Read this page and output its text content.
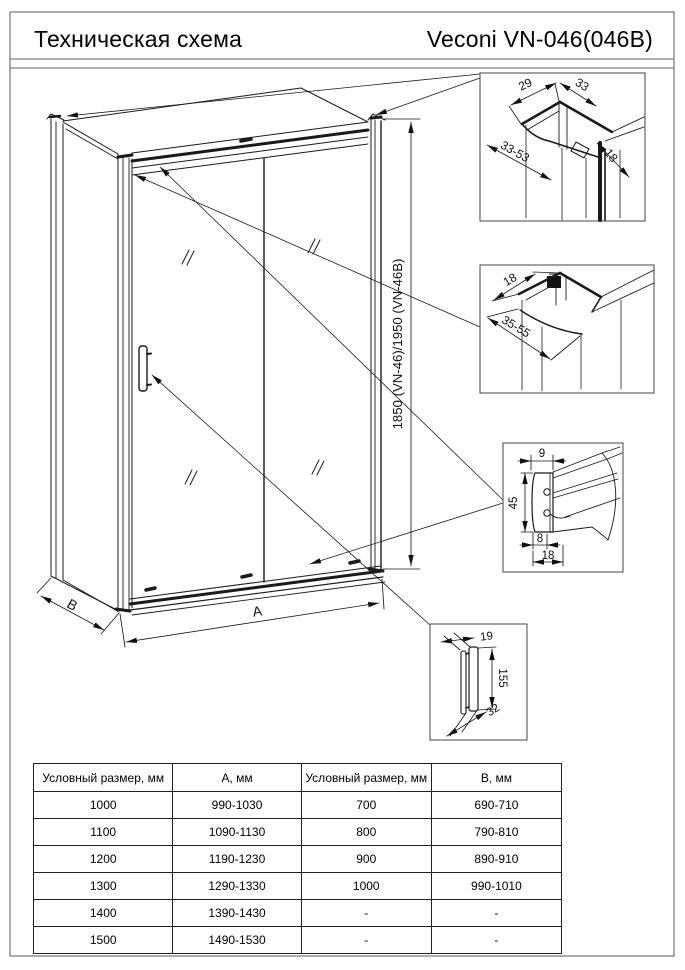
1850 (VN-46)/1950 (VN-46B)
A
B
29	33
33-53	18
18
35-55
9
45
8
18
19
155
32
Техническая схема	Veconi VN-046(046B)
Условный размер, мм	А, мм	Условный размер, мм	В, мм
1000	990-1030	700	690-710
1100	1090-1130	800	790-810
1200	1190-1230	900	890-910
1300	1290-1330	1000	990-1010
1400	1390-1430	-	-
1500	1490-1530	-	-
